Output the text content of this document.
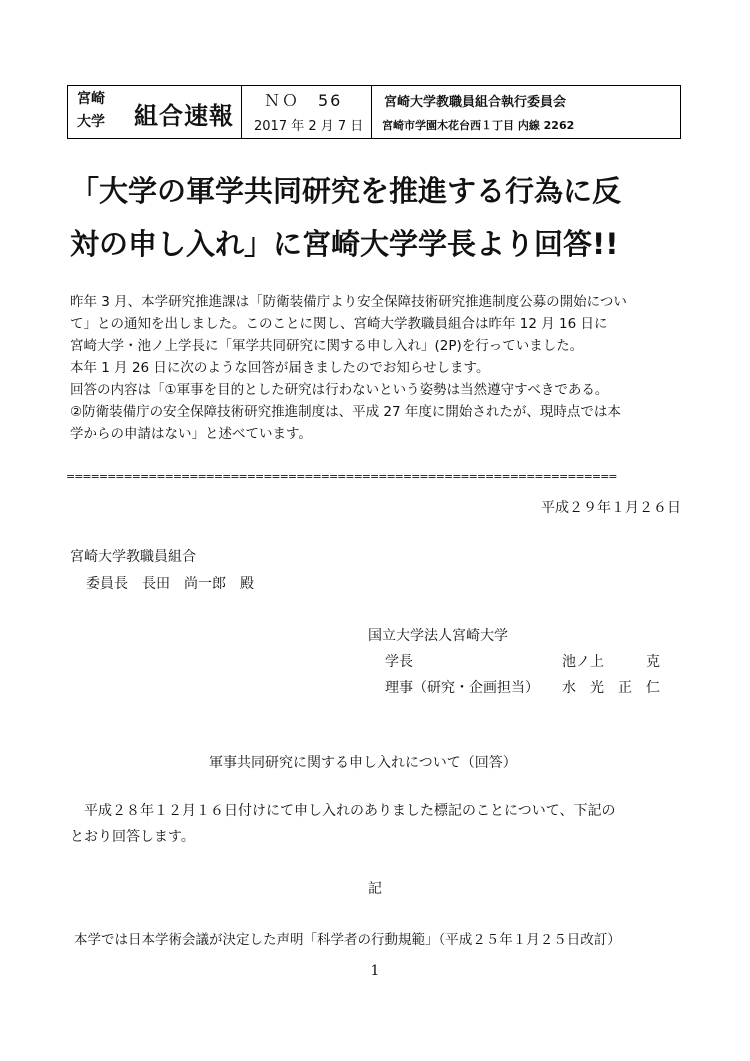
宮崎
大学 組合速報
ＮＯ　56
2017 年 2 月 7 日
宮崎大学教職員組合執行委員会
宮崎市学園木花台西１丁目 内線 2262
「大学の軍学共同研究を推進する行為に反
対の申し入れ」に宮崎大学学長より回答!!
昨年 3 月、本学研究推進課は「防衛装備庁より安全保障技術研究推進制度公募の開始につい
て」との通知を出しました。このことに関し、宮崎大学教職員組合は昨年 12 月 16 日に
宮崎大学・池ノ上学長に「軍学共同研究に関する申し入れ」(2P)を行っていました。
本年 1 月 26 日に次のような回答が届きましたのでお知らせします。
回答の内容は「①軍事を目的とした研究は行わないという姿勢は当然遵守すべきである。
②防衛装備庁の安全保障技術研究推進制度は、平成 27 年度に開始されたが、現時点では本
学からの申請はない」と述べています。
===================================================================
平成２９年１月２６日
宮崎大学教職員組合
委員長　長田　尚一郎　殿
国立大学法人宮崎大学
学長	池ノ上　　　克
理事（研究・企画担当） 水　光　正　仁
軍事共同研究に関する申し入れについて（回答）
　平成２８年１２月１６日付けにて申し入れのありました標記のことについて、下記の
とおり回答します。
記
本学では日本学術会議が決定した声明「科学者の行動規範」（平成２５年１月２５日改訂）
1
